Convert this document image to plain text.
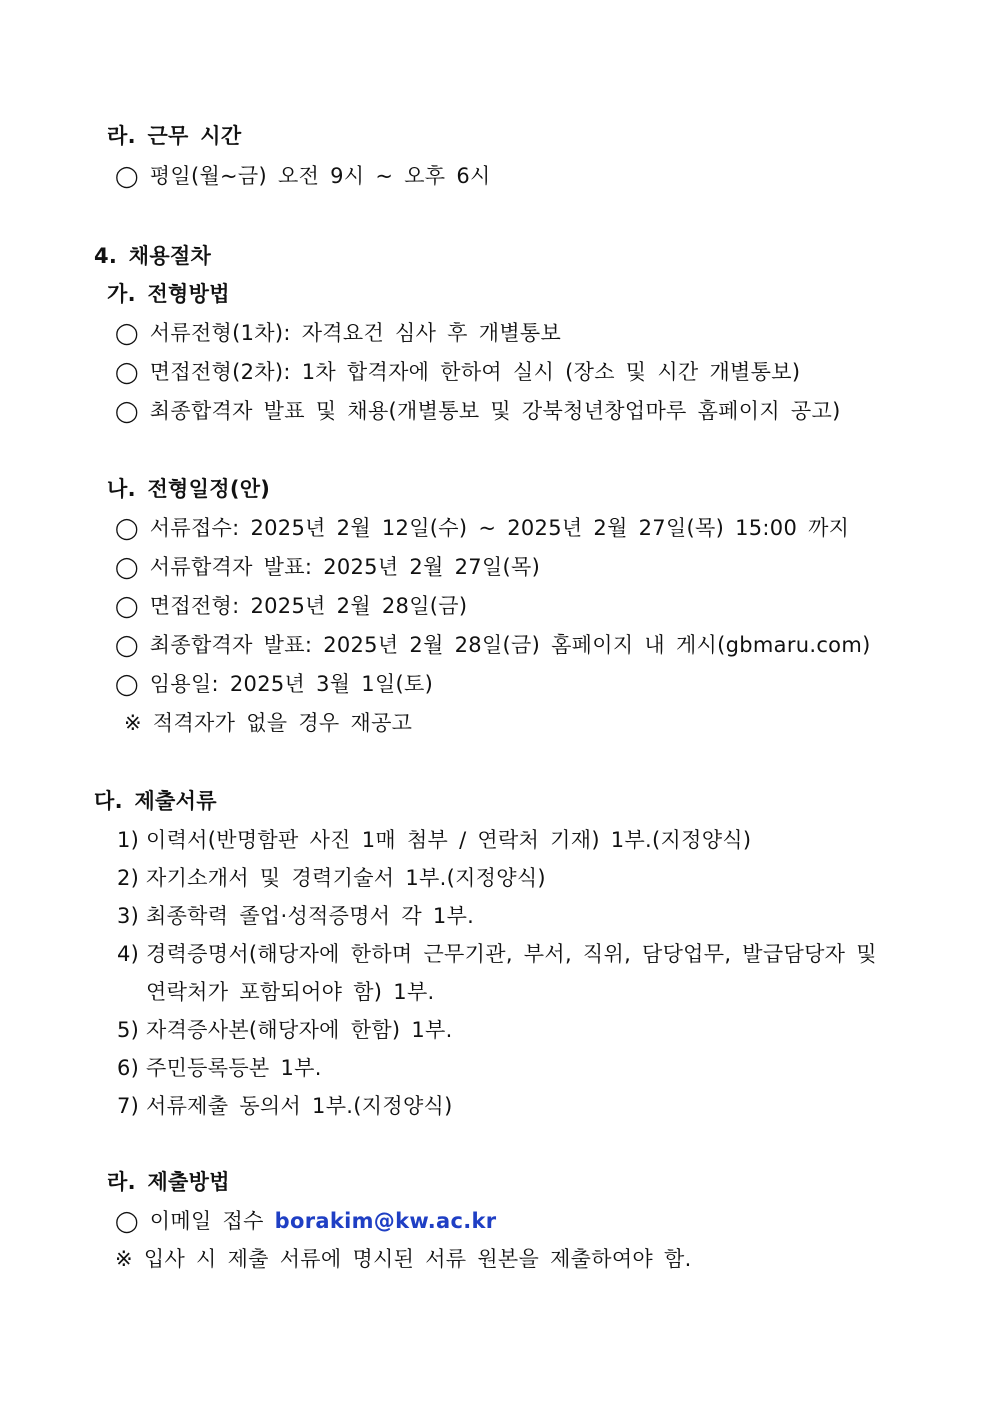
라. 근무 시간
◯ 평일(월~금) 오전 9시 ~ 오후 6시
4. 채용절차
가. 전형방법
◯ 서류전형(1차): 자격요건 심사 후 개별통보
◯ 면접전형(2차): 1차 합격자에 한하여 실시 (장소 및 시간 개별통보)
◯ 최종합격자 발표 및 채용(개별통보 및 강북청년창업마루 홈페이지 공고)
나. 전형일정(안)
◯ 서류접수: 2025년 2월 12일(수) ~ 2025년 2월 27일(목) 15:00 까지
◯ 서류합격자 발표: 2025년 2월 27일(목)
◯ 면접전형: 2025년 2월 28일(금)
◯ 최종합격자 발표: 2025년 2월 28일(금) 홈페이지 내 게시(gbmaru.com)
◯ 임용일: 2025년 3월 1일(토)
※ 적격자가 없을 경우 재공고
다. 제출서류
1) 이력서(반명함판 사진 1매 첨부 / 연락처 기재) 1부.(지정양식)
2) 자기소개서 및 경력기술서 1부.(지정양식)
3) 최종학력 졸업·성적증명서 각 1부.
4) 경력증명서(해당자에 한하며 근무기관, 부서, 직위, 담당업무, 발급담당자 및
연락처가 포함되어야 함) 1부.
5) 자격증사본(해당자에 한함) 1부.
6) 주민등록등본 1부.
7) 서류제출 동의서 1부.(지정양식)
라. 제출방법
◯ 이메일 접수 borakim@kw.ac.kr
※ 입사 시 제출 서류에 명시된 서류 원본을 제출하여야 함.
